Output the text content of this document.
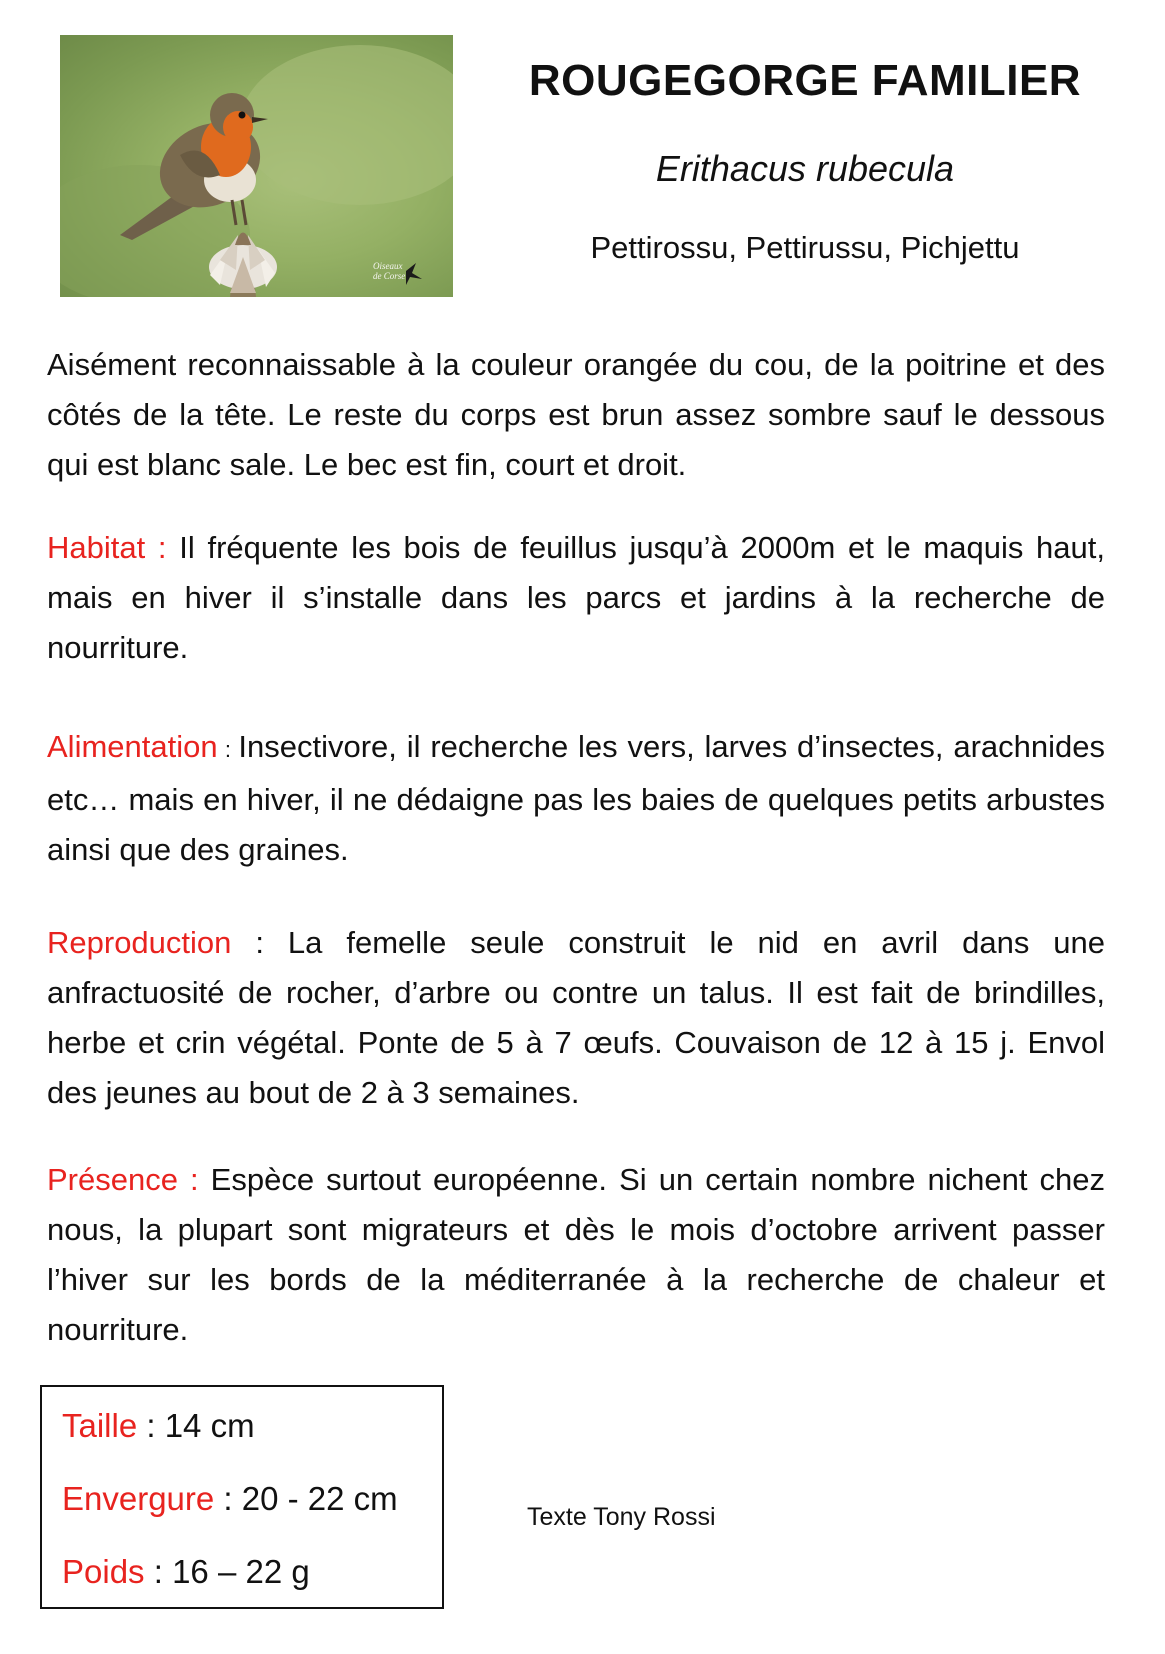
Oiseaux
de Corse
ROUGEGORGE FAMILIER
Erithacus rubecula
Pettirossu, Pettirussu, Pichjettu

Aisément reconnaissable à la couleur orangée du cou, de la poitrine et des côtés de la tête. Le reste du corps est brun assez sombre sauf le dessous qui est blanc sale. Le bec est fin, court et droit.

Habitat : Il fréquente les bois de feuillus jusqu’à 2000m et le maquis haut, mais en hiver il s’installe dans les parcs et jardins à la recherche de nourriture.

Alimentation : Insectivore, il recherche les vers, larves d’insectes, arachnides etc… mais en hiver, il ne dédaigne pas les baies de quelques petits arbustes ainsi que des graines.

Reproduction : La femelle seule construit le nid en avril dans une anfractuosité de rocher, d’arbre ou contre un talus. Il est fait de brindilles, herbe et crin végétal. Ponte de 5 à 7 œufs. Couvaison de 12 à 15 j. Envol des jeunes au bout de 2 à 3 semaines.

Présence : Espèce surtout européenne. Si un certain nombre nichent chez nous, la plupart sont migrateurs et dès le mois d’octobre arrivent passer l’hiver sur les bords de la méditerranée à la recherche de chaleur et nourriture.

Taille : 14 cm
Envergure : 20 - 22 cm
Poids : 16 – 22 g
Texte Tony Rossi
